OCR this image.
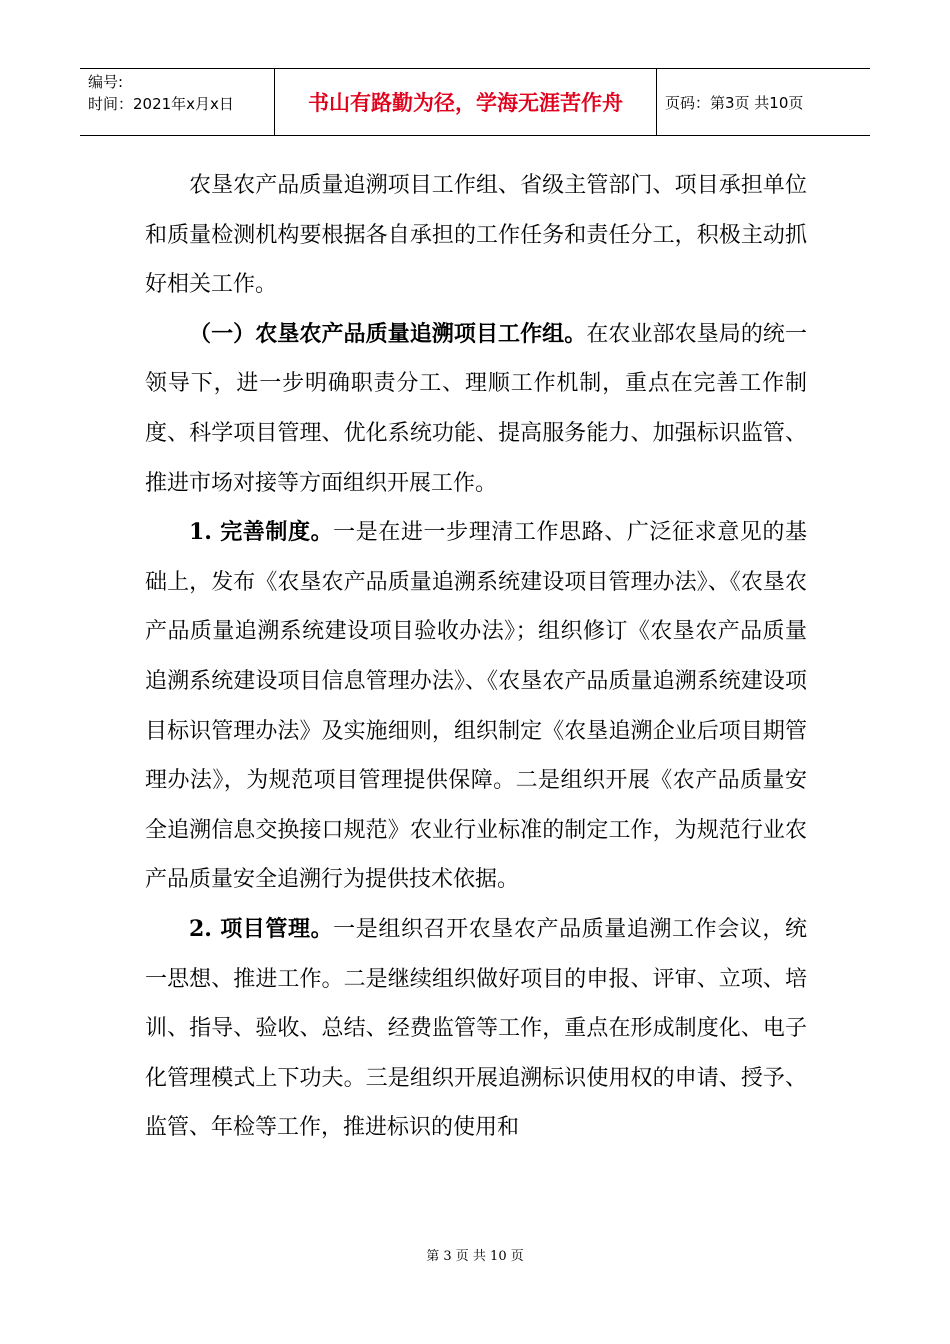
编号:
时间：2021年x月x日	书山有路勤为径，学海无涯苦作舟	页码：第3页 共10页

农垦农产品质量追溯项目工作组、省级主管部门、项目承担单位和质量检测机构要根据各自承担的工作任务和责任分工，积极主动抓好相关工作。

（一）农垦农产品质量追溯项目工作组。在农业部农垦局的统一领导下，进一步明确职责分工、理顺工作机制，重点在完善工作制度、科学项目管理、优化系统功能、提高服务能力、加强标识监管、推进市场对接等方面组织开展工作。

1. 完善制度。一是在进一步理清工作思路、广泛征求意见的基础上，发布《农垦农产品质量追溯系统建设项目管理办法》、《农垦农产品质量追溯系统建设项目验收办法》；组织修订《农垦农产品质量追溯系统建设项目信息管理办法》、《农垦农产品质量追溯系统建设项目标识管理办法》及实施细则，组织制定《农垦追溯企业后项目期管理办法》，为规范项目管理提供保障。二是组织开展《农产品质量安全追溯信息交换接口规范》农业行业标准的制定工作，为规范行业农产品质量安全追溯行为提供技术依据。

2. 项目管理。一是组织召开农垦农产品质量追溯工作会议，统一思想、推进工作。二是继续组织做好项目的申报、评审、立项、培训、指导、验收、总结、经费监管等工作，重点在形成制度化、电子化管理模式上下功夫。三是组织开展追溯标识使用权的申请、授予、监管、年检等工作，推进标识的使用和

第 3 页 共 10 页
